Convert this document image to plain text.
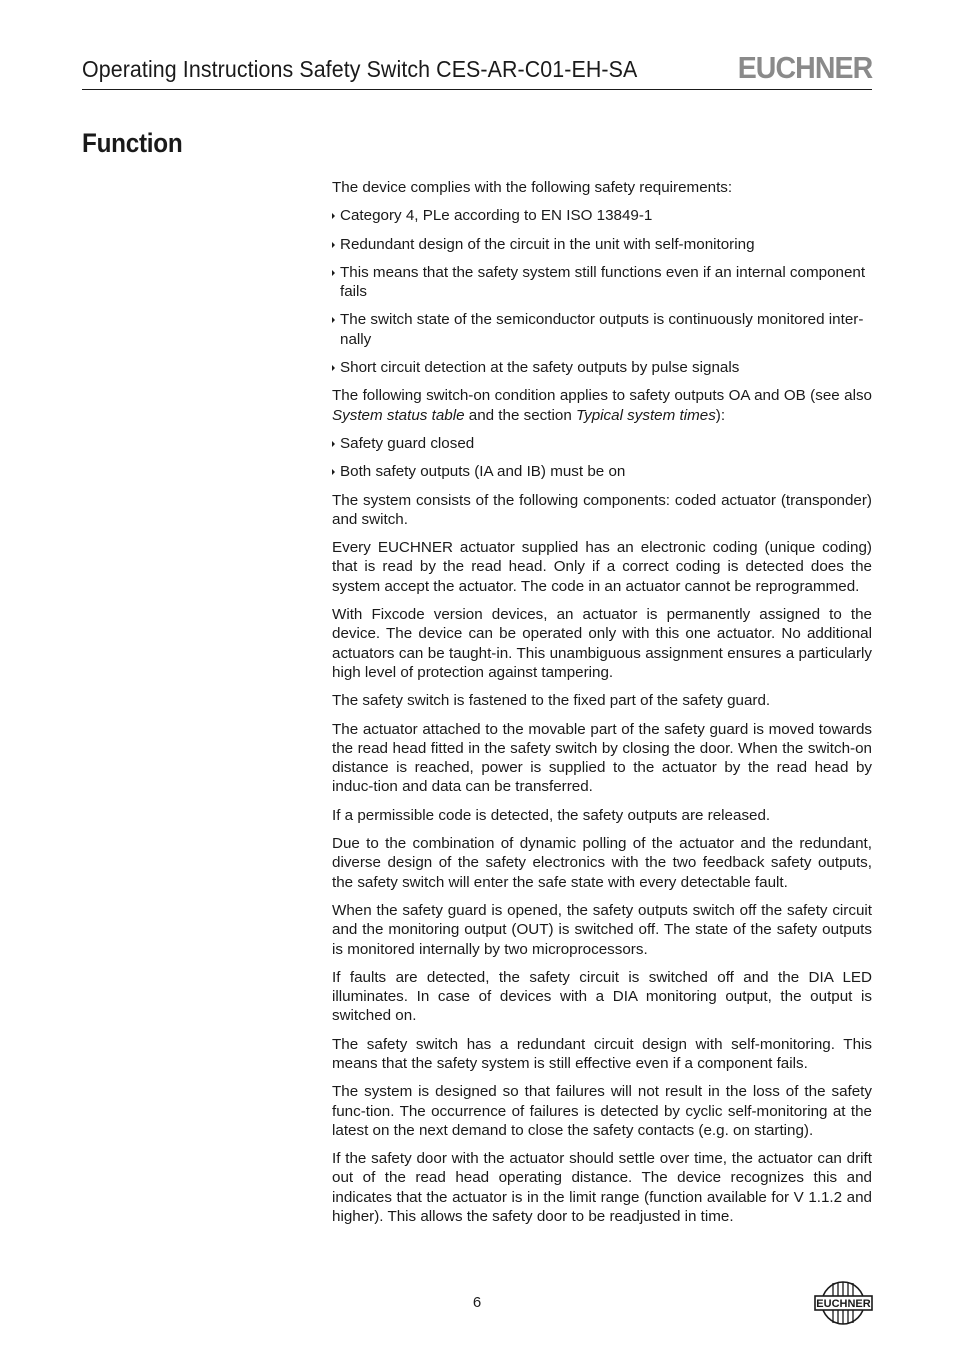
Operating Instructions Safety Switch CES-AR-C01-EH-SA	EUCHNER
Function
The device complies with the following safety requirements:
Category 4, PLe according to EN ISO 13849-1
Redundant design of the circuit in the unit with self-monitoring
This means that the safety system still functions even if an internal component fails
The switch state of the semiconductor outputs is continuously monitored inter-nally
Short circuit detection at the safety outputs by pulse signals
The following switch-on condition applies to safety outputs OA and OB (see also System status table and the section Typical system times):
Safety guard closed
Both safety outputs (IA and IB) must be on
The system consists of the following components: coded actuator (transponder) and switch.
Every EUCHNER actuator supplied has an electronic coding (unique coding) that is read by the read head. Only if a correct coding is detected does the system accept the actuator. The code in an actuator cannot be reprogrammed.
With Fixcode version devices, an actuator is permanently assigned to the device. The device can be operated only with this one actuator. No additional actuators can be taught-in. This unambiguous assignment ensures a particularly high level of protection against tampering.
The safety switch is fastened to the fixed part of the safety guard.
The actuator attached to the movable part of the safety guard is moved towards the read head fitted in the safety switch by closing the door. When the switch-on distance is reached, power is supplied to the actuator by the read head by induc-tion and data can be transferred.
If a permissible code is detected, the safety outputs are released.
Due to the combination of dynamic polling of the actuator and the redundant, diverse design of the safety electronics with the two feedback safety outputs, the safety switch will enter the safe state with every detectable fault.
When the safety guard is opened, the safety outputs switch off the safety circuit and the monitoring output (OUT) is switched off. The state of the safety outputs is monitored internally by two microprocessors.
If faults are detected, the safety circuit is switched off and the DIA LED illuminates. In case of devices with a DIA monitoring output, the output is switched on.
The safety switch has a redundant circuit design with self-monitoring. This means that the safety system is still effective even if a component fails.
The system is designed so that failures will not result in the loss of the safety func-tion. The occurrence of failures is detected by cyclic self-monitoring at the latest on the next demand to close the safety contacts (e.g. on starting).
If the safety door with the actuator should settle over time, the actuator can drift out of the read head operating distance. The device recognizes this and indicates that the actuator is in the limit range (function available for V 1.1.2 and higher). This allows the safety door to be readjusted in time.
6	EUCHNER
